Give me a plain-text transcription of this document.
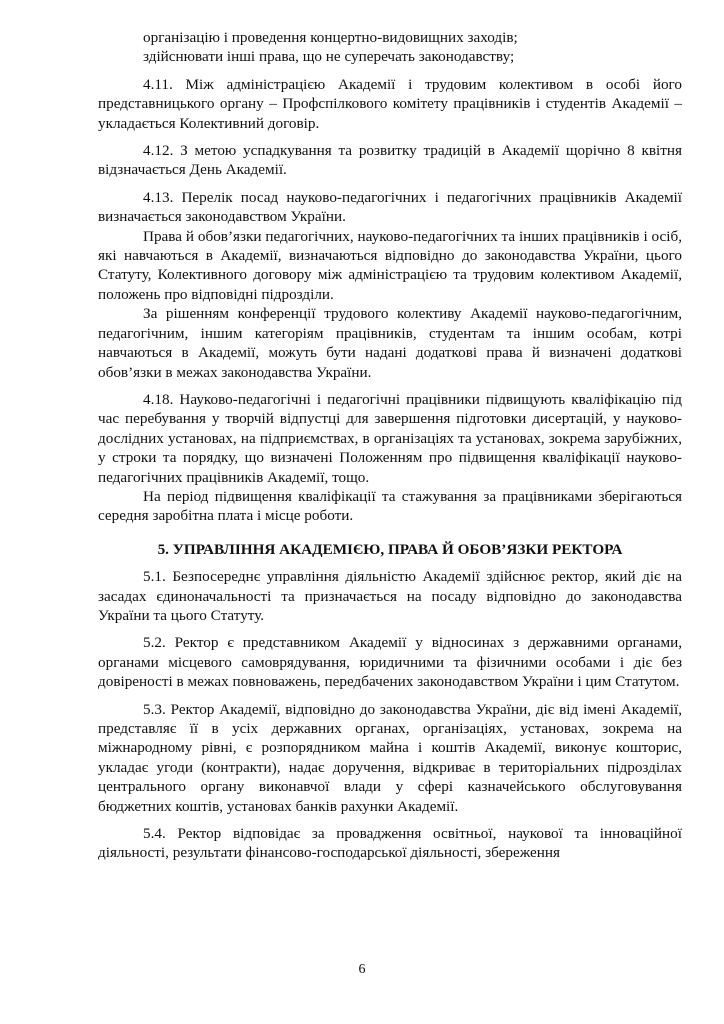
організацію і проведення концертно-видовищних заходів;

здійснювати інші права, що не суперечать законодавству;

4.11. Між адміністрацією Академії і трудовим колективом в особі його представницького органу – Профспілкового комітету працівників і студентів Академії – укладається Колективний договір.

4.12. З метою успадкування та розвитку традицій в Академії щорічно 8 квітня відзначається День Академії.

4.13. Перелік посад науково-педагогічних і педагогічних працівників Академії визначається законодавством України.

Права й обов’язки педагогічних, науково-педагогічних та інших працівників і осіб, які навчаються в Академії, визначаються відповідно до законодавства України, цього Статуту, Колективного договору між адміністрацією та трудовим колективом Академії, положень про відповідні підрозділи.

За рішенням конференції трудового колективу Академії науково-педагогічним, педагогічним, іншим категоріям працівників, студентам та іншим особам, котрі навчаються в Академії, можуть бути надані додаткові права й визначені додаткові обов’язки в межах законодавства України.

4.18. Науково-педагогічні і педагогічні працівники підвищують кваліфікацію під час перебування у творчій відпустці для завершення підготовки дисертацій, у науково-дослідних установах, на підприємствах, в організаціях та установах, зокрема зарубіжних, у строки та порядку, що визначені Положенням про підвищення кваліфікації науково-педагогічних працівників Академії, тощо.

На період підвищення кваліфікації та стажування за працівниками зберігаються середня заробітна плата і місце роботи.

5. УПРАВЛІННЯ АКАДЕМІЄЮ, ПРАВА Й ОБОВ’ЯЗКИ РЕКТОРА

5.1. Безпосереднє управління діяльністю Академії здійснює ректор, який діє на засадах єдиноначальності та призначається на посаду відповідно до законодавства України та цього Статуту.

5.2. Ректор є представником Академії у відносинах з державними органами, органами місцевого самоврядування, юридичними та фізичними особами і діє без довіреності в межах повноважень, передбачених законодавством України і цим Статутом.

5.3. Ректор Академії, відповідно до законодавства України, діє від імені Академії, представляє її в усіх державних органах, організаціях, установах, зокрема на міжнародному рівні, є розпорядником майна і коштів Академії, виконує кошторис, укладає угоди (контракти), надає доручення, відкриває в територіальних підрозділах центрального органу виконавчої влади у сфері казначейського обслуговування бюджетних коштів, установах банків рахунки Академії.

5.4. Ректор відповідає за провадження освітньої, наукової та інноваційної діяльності, результати фінансово-господарської діяльності, збереження

6
